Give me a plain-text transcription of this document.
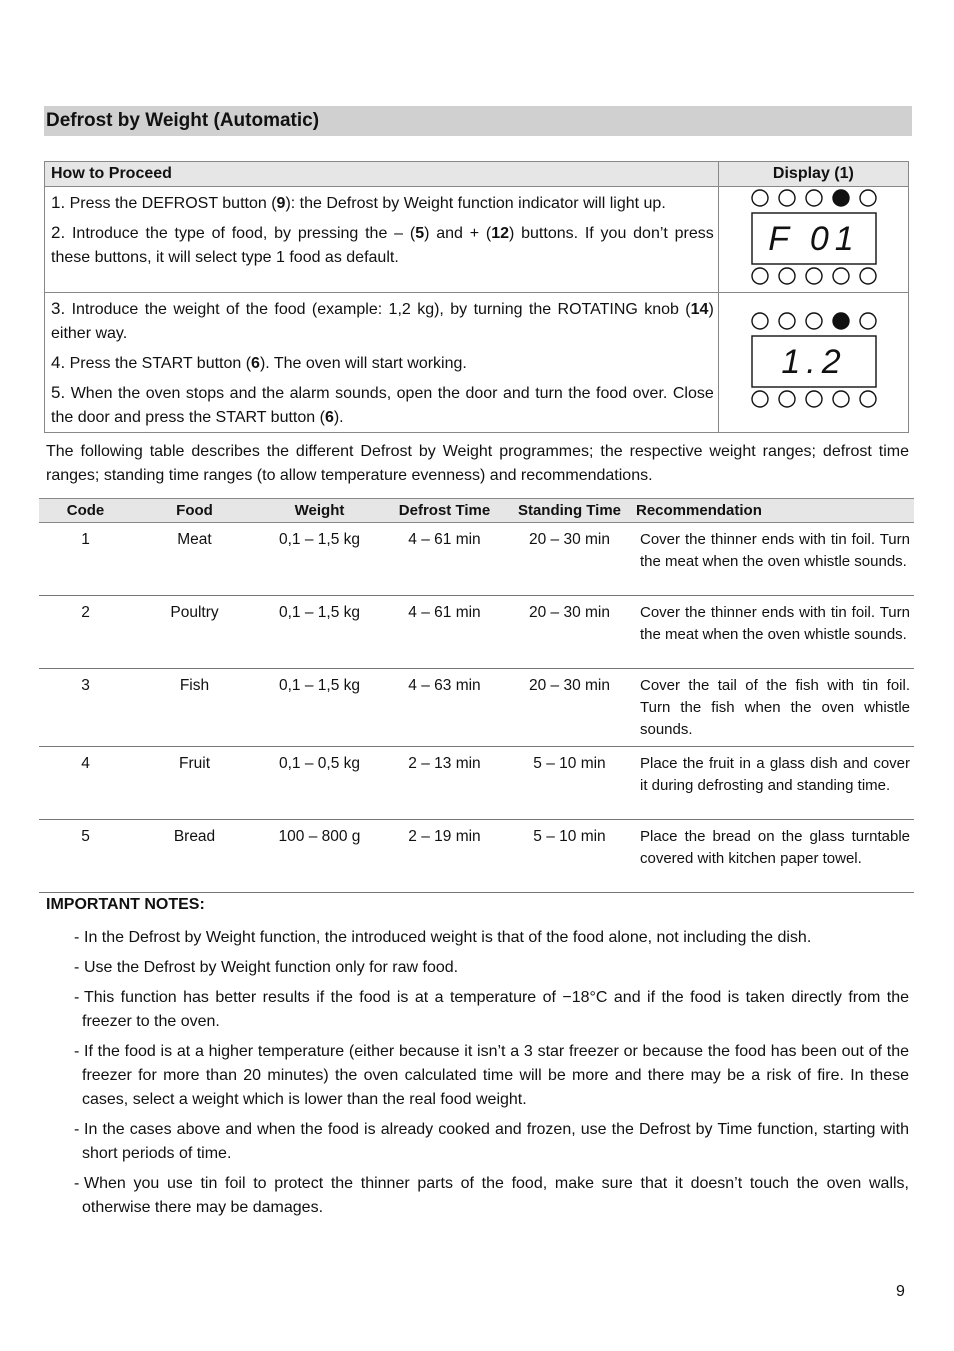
Defrost by Weight (Automatic)
How to Proceed	Display (1)

1. Press the DEFROST button (9): the Defrost by Weight function indicator will light up.

2. Introduce the type of food, by pressing the – (5) and + (12) buttons. If you don’t press these buttons, it will select type 1 food as default.	F 01

3. Introduce the weight of the food (example: 1,2 kg), by turning the ROTATING knob (14) either way.

4. Press the START button (6). The oven will start working.

5. When the oven stops and the alarm sounds, open the door and turn the food over. Close the door and press the START button (6).	1.2

The following table describes the different Defrost by Weight programmes; the respective weight ranges; defrost time ranges; standing time ranges (to allow temperature evenness) and recommendations.

Code	Food	Weight	Defrost Time	Standing Time	Recommendation
1	Meat	0,1 – 1,5 kg	4 – 61 min	20 – 30 min	Cover the thinner ends with tin foil. Turn the meat when the oven whistle sounds.
2	Poultry	0,1 – 1,5 kg	4 – 61 min	20 – 30 min	Cover the thinner ends with tin foil. Turn the meat when the oven whistle sounds.
3	Fish	0,1 – 1,5 kg	4 – 63 min	20 – 30 min	Cover the tail of the fish with tin foil. Turn the fish when the oven whistle sounds.
4	Fruit	0,1 – 0,5 kg	2 – 13 min	5 – 10 min	Place the fruit in a glass dish and cover it during defrosting and standing time.
5	Bread	100 – 800 g	2 – 19 min	5 – 10 min	Place the bread on the glass turntable covered with kitchen paper towel.
IMPORTANT NOTES:
- In the Defrost by Weight function, the introduced weight is that of the food alone, not including the dish.
- Use the Defrost by Weight function only for raw food.
- This function has better results if the food is at a temperature of −18°C and if the food is taken directly from the freezer to the oven.
- If the food is at a higher temperature (either because it isn’t a 3 star freezer or because the food has been out of the freezer for more than 20 minutes) the oven calculated time will be more and there may be a risk of fire. In these cases, select a weight which is lower than the real food weight.
- In the cases above and when the food is already cooked and frozen, use the Defrost by Time function, starting with short periods of time.
- When you use tin foil to protect the thinner parts of the food, make sure that it doesn’t touch the oven walls, otherwise there may be damages.
9
